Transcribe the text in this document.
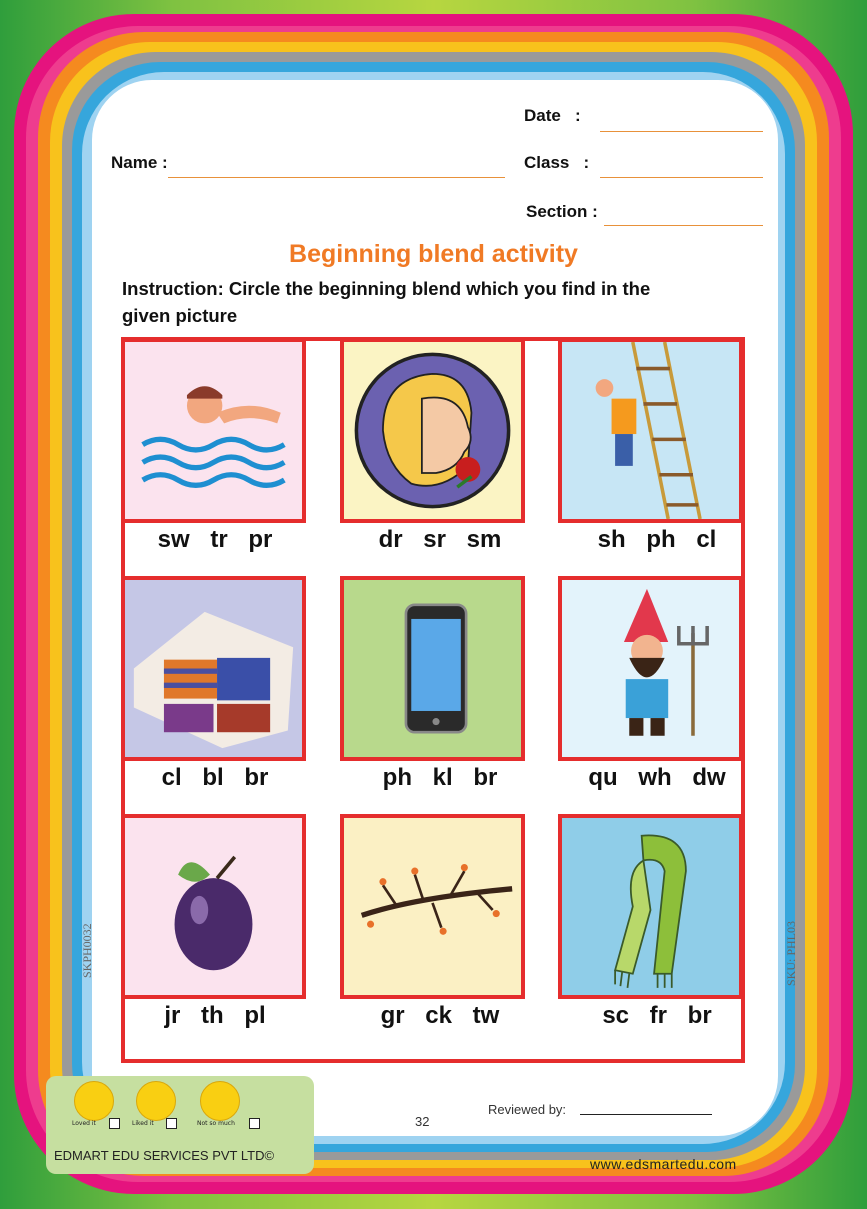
Date   :
Name :	Class   :
Section :
Beginning blend activity
Instruction: Circle the beginning blend which you find in the given picture
sw tr pr	dr sr sm	sh ph cl
cl bl br	ph kl br	qu wh dw
jr th pl	gr ck tw	sc fr br
SKPH0032	SKU: PHL03
Loved it	Liked it	Not so much
EDMART EDU SERVICES PVT LTD©
32
Reviewed by:
www.edsmartedu.com
